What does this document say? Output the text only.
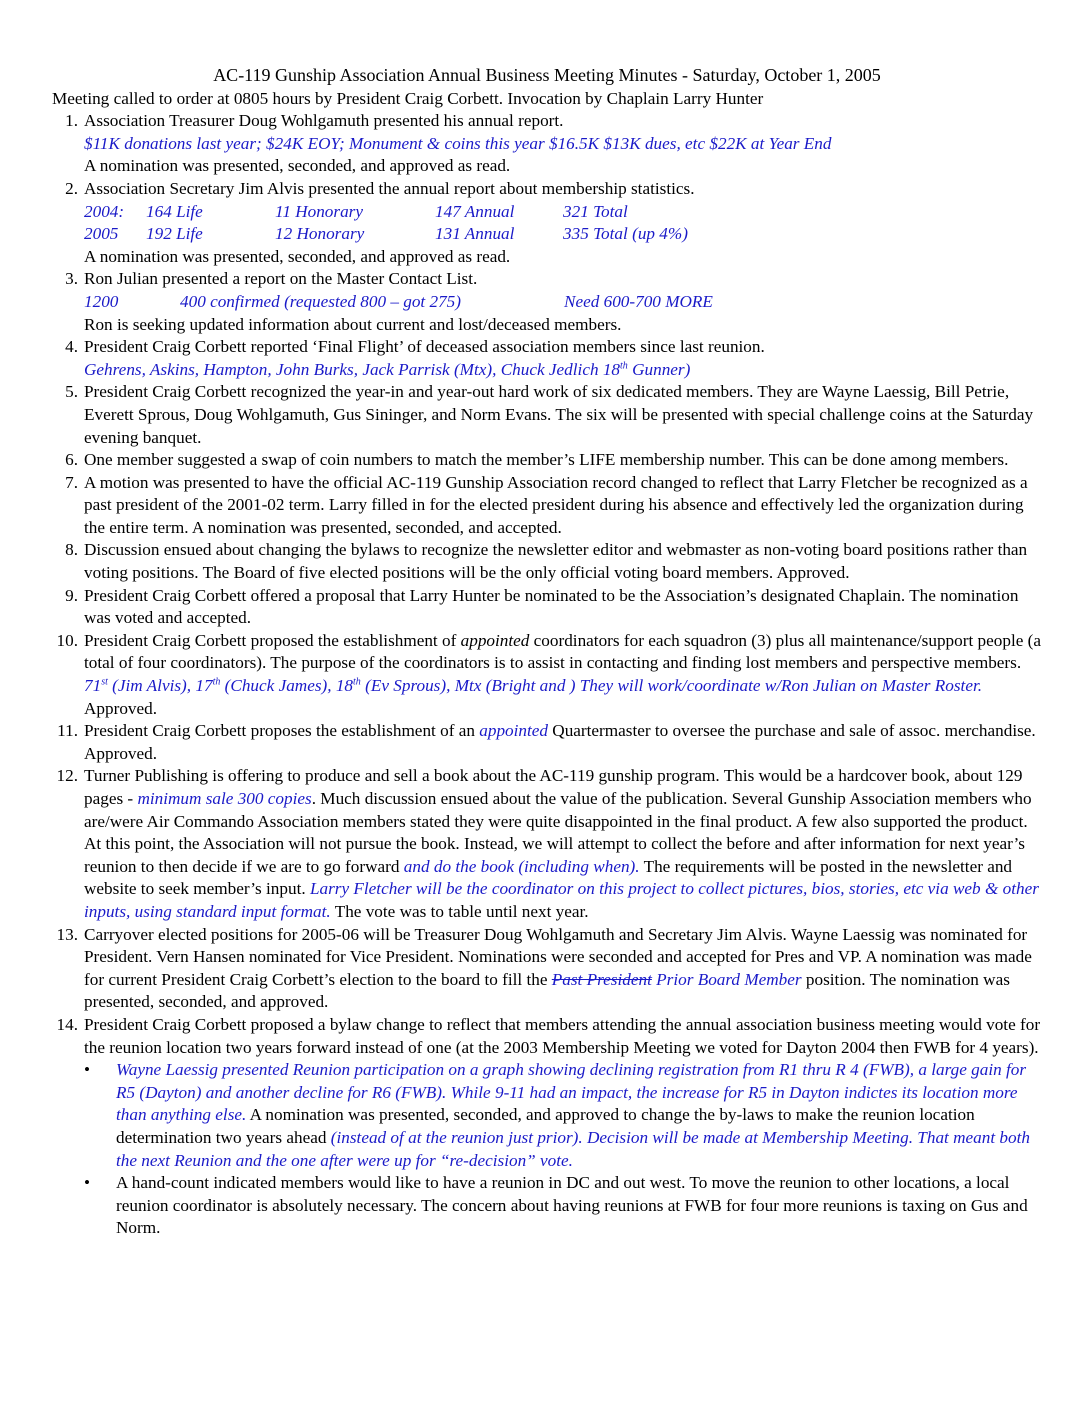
AC-119 Gunship Association Annual Business Meeting Minutes - Saturday, October 1, 2005
Meeting called to order at 0805 hours by President Craig Corbett. Invocation by Chaplain Larry Hunter
1. Association Treasurer Doug Wohlgamuth presented his annual report.
$11K donations last year; $24K EOY; Monument & coins this year $16.5K $13K dues, etc $22K at Year End
A nomination was presented, seconded, and approved as read.
2. Association Secretary Jim Alvis presented the annual report about membership statistics.
2004:	164 Life	11 Honorary	147 Annual	321 Total
2005	192 Life	12 Honorary	131 Annual	335 Total (up 4%)
A nomination was presented, seconded, and approved as read.
3. Ron Julian presented a report on the Master Contact List.
1200	400 confirmed (requested 800 – got 275)	Need 600-700 MORE
Ron is seeking updated information about current and lost/deceased members.
4. President Craig Corbett reported ‘Final Flight’ of deceased association members since last reunion.
Gehrens, Askins, Hampton, John Burks, Jack Parrisk (Mtx), Chuck Jedlich 18th Gunner)
5. President Craig Corbett recognized the year-in and year-out hard work of six dedicated members. They are Wayne Laessig, Bill Petrie, Everett Sprous, Doug Wohlgamuth, Gus Sininger, and Norm Evans. The six will be presented with special challenge coins at the Saturday evening banquet.
6. One member suggested a swap of coin numbers to match the member’s LIFE membership number. This can be done among members.
7. A motion was presented to have the official AC-119 Gunship Association record changed to reflect that Larry Fletcher be recognized as a past president of the 2001-02 term. Larry filled in for the elected president during his absence and effectively led the organization during the entire term. A nomination was presented, seconded, and accepted.
8. Discussion ensued about changing the bylaws to recognize the newsletter editor and webmaster as non-voting board positions rather than voting positions. The Board of five elected positions will be the only official voting board members. Approved.
9. President Craig Corbett offered a proposal that Larry Hunter be nominated to be the Association’s designated Chaplain. The nomination was voted and accepted.
10. President Craig Corbett proposed the establishment of appointed coordinators for each squadron (3) plus all maintenance/support people (a total of four coordinators). The purpose of the coordinators is to assist in contacting and finding lost members and perspective members. 71st (Jim Alvis), 17th (Chuck James), 18th (Ev Sprous), Mtx (Bright and ) They will work/coordinate w/Ron Julian on Master Roster. Approved.
11. President Craig Corbett proposes the establishment of an appointed Quartermaster to oversee the purchase and sale of assoc. merchandise. Approved.
12. Turner Publishing is offering to produce and sell a book about the AC-119 gunship program. This would be a hardcover book, about 129 pages - minimum sale 300 copies. Much discussion ensued about the value of the publication. Several Gunship Association members who are/were Air Commando Association members stated they were quite disappointed in the final product. A few also supported the product. At this point, the Association will not pursue the book. Instead, we will attempt to collect the before and after information for next year’s reunion to then decide if we are to go forward and do the book (including when). The requirements will be posted in the newsletter and website to seek member’s input. Larry Fletcher will be the coordinator on this project to collect pictures, bios, stories, etc via web & other inputs, using standard input format. The vote was to table until next year.
13. Carryover elected positions for 2005-06 will be Treasurer Doug Wohlgamuth and Secretary Jim Alvis. Wayne Laessig was nominated for President. Vern Hansen nominated for Vice President. Nominations were seconded and accepted for Pres and VP. A nomination was made for current President Craig Corbett’s election to the board to fill the Past President Prior Board Member position. The nomination was presented, seconded, and approved.
14. President Craig Corbett proposed a bylaw change to reflect that members attending the annual association business meeting would vote for the reunion location two years forward instead of one (at the 2003 Membership Meeting we voted for Dayton 2004 then FWB for 4 years).
• Wayne Laessig presented Reunion participation on a graph showing declining registration from R1 thru R 4 (FWB), a large gain for R5 (Dayton) and another decline for R6 (FWB). While 9-11 had an impact, the increase for R5 in Dayton indictes its location more than anything else. A nomination was presented, seconded, and approved to change the by-laws to make the reunion location determination two years ahead (instead of at the reunion just prior). Decision will be made at Membership Meeting. That meant both the next Reunion and the one after were up for “re-decision” vote.
• A hand-count indicated members would like to have a reunion in DC and out west. To move the reunion to other locations, a local reunion coordinator is absolutely necessary. The concern about having reunions at FWB for four more reunions is taxing on Gus and Norm.
